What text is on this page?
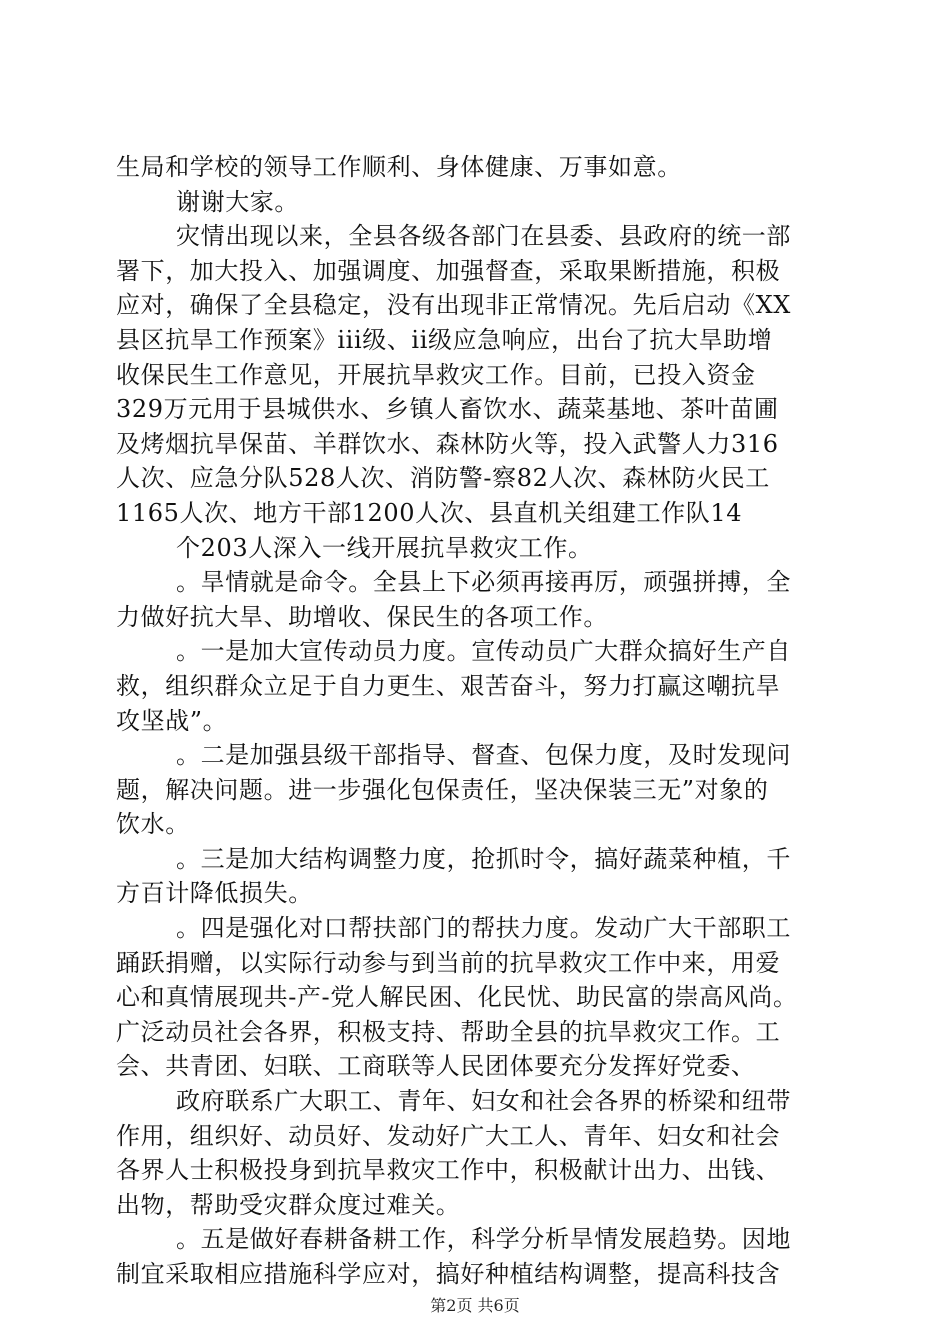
生局和学校的领导工作顺利、身体健康、万事如意。
谢谢大家。
灾情出现以来，全县各级各部门在县委、县政府的统一部
署下，加大投入、加强调度、加强督查，采取果断措施，积极
应对，确保了全县稳定，没有出现非正常情况。先后启动《XX
县区抗旱工作预案》iii级、ii级应急响应，出台了抗大旱助增
收保民生工作意见，开展抗旱救灾工作。目前，已投入资金
329万元用于县城供水、乡镇人畜饮水、蔬菜基地、茶叶苗圃
及烤烟抗旱保苗、羊群饮水、森林防火等，投入武警人力316
人次、应急分队528人次、消防警-察82人次、森林防火民工
1165人次、地方干部1200人次、县直机关组建工作队14
个203人深入一线开展抗旱救灾工作。
。旱情就是命令。全县上下必须再接再厉，顽强拼搏，全
力做好抗大旱、助增收、保民生的各项工作。
。一是加大宣传动员力度。宣传动员广大群众搞好生产自
救，组织群众立足于自力更生、艰苦奋斗，努力打赢这嘲抗旱
攻坚战”。
。二是加强县级干部指导、督查、包保力度，及时发现问
题，解决问题。进一步强化包保责任，坚决保装三无”对象的
饮水。
。三是加大结构调整力度，抢抓时令，搞好蔬菜种植，千
方百计降低损失。
。四是强化对口帮扶部门的帮扶力度。发动广大干部职工
踊跃捐赠，以实际行动参与到当前的抗旱救灾工作中来，用爱
心和真情展现共-产-党人解民困、化民忧、助民富的崇高风尚。
广泛动员社会各界，积极支持、帮助全县的抗旱救灾工作。工
会、共青团、妇联、工商联等人民团体要充分发挥好党委、
政府联系广大职工、青年、妇女和社会各界的桥梁和纽带
作用，组织好、动员好、发动好广大工人、青年、妇女和社会
各界人士积极投身到抗旱救灾工作中，积极献计出力、出钱、
出物，帮助受灾群众度过难关。
。五是做好春耕备耕工作，科学分析旱情发展趋势。因地
制宜采取相应措施科学应对，搞好种植结构调整，提高科技含
第2页 共6页
